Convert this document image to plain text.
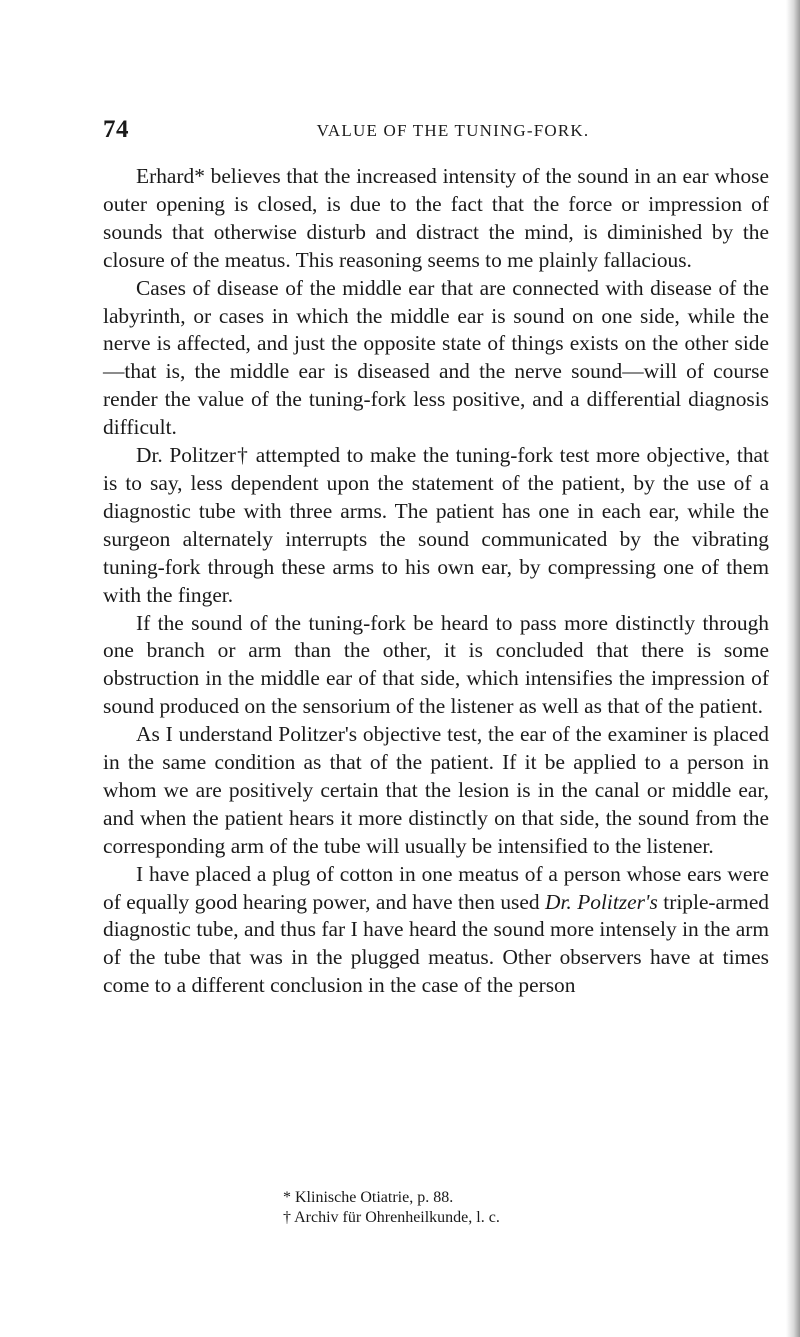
74	VALUE OF THE TUNING-FORK.

Erhard* believes that the increased intensity of the sound in an ear whose outer opening is closed, is due to the fact that the force or impression of sounds that otherwise disturb and distract the mind, is diminished by the closure of the meatus. This reasoning seems to me plainly fallacious.

Cases of disease of the middle ear that are connected with disease of the labyrinth, or cases in which the middle ear is sound on one side, while the nerve is affected, and just the opposite state of things exists on the other side—that is, the middle ear is diseased and the nerve sound—will of course render the value of the tuning-fork less positive, and a differential diagnosis difficult.

Dr. Politzer† attempted to make the tuning-fork test more objective, that is to say, less dependent upon the statement of the patient, by the use of a diagnostic tube with three arms. The patient has one in each ear, while the surgeon alternately interrupts the sound communicated by the vibrating tuning-fork through these arms to his own ear, by compressing one of them with the finger.

If the sound of the tuning-fork be heard to pass more distinctly through one branch or arm than the other, it is concluded that there is some obstruction in the middle ear of that side, which intensifies the impression of sound produced on the sensorium of the listener as well as that of the patient.

As I understand Politzer's objective test, the ear of the examiner is placed in the same condition as that of the patient. If it be applied to a person in whom we are positively certain that the lesion is in the canal or middle ear, and when the patient hears it more distinctly on that side, the sound from the corresponding arm of the tube will usually be intensified to the listener.

I have placed a plug of cotton in one meatus of a person whose ears were of equally good hearing power, and have then used Dr. Politzer's triple-armed diagnostic tube, and thus far I have heard the sound more intensely in the arm of the tube that was in the plugged meatus. Other observers have at times come to a different conclusion in the case of the person

* Klinische Otiatrie, p. 88.
† Archiv für Ohrenheilkunde, l. c.
